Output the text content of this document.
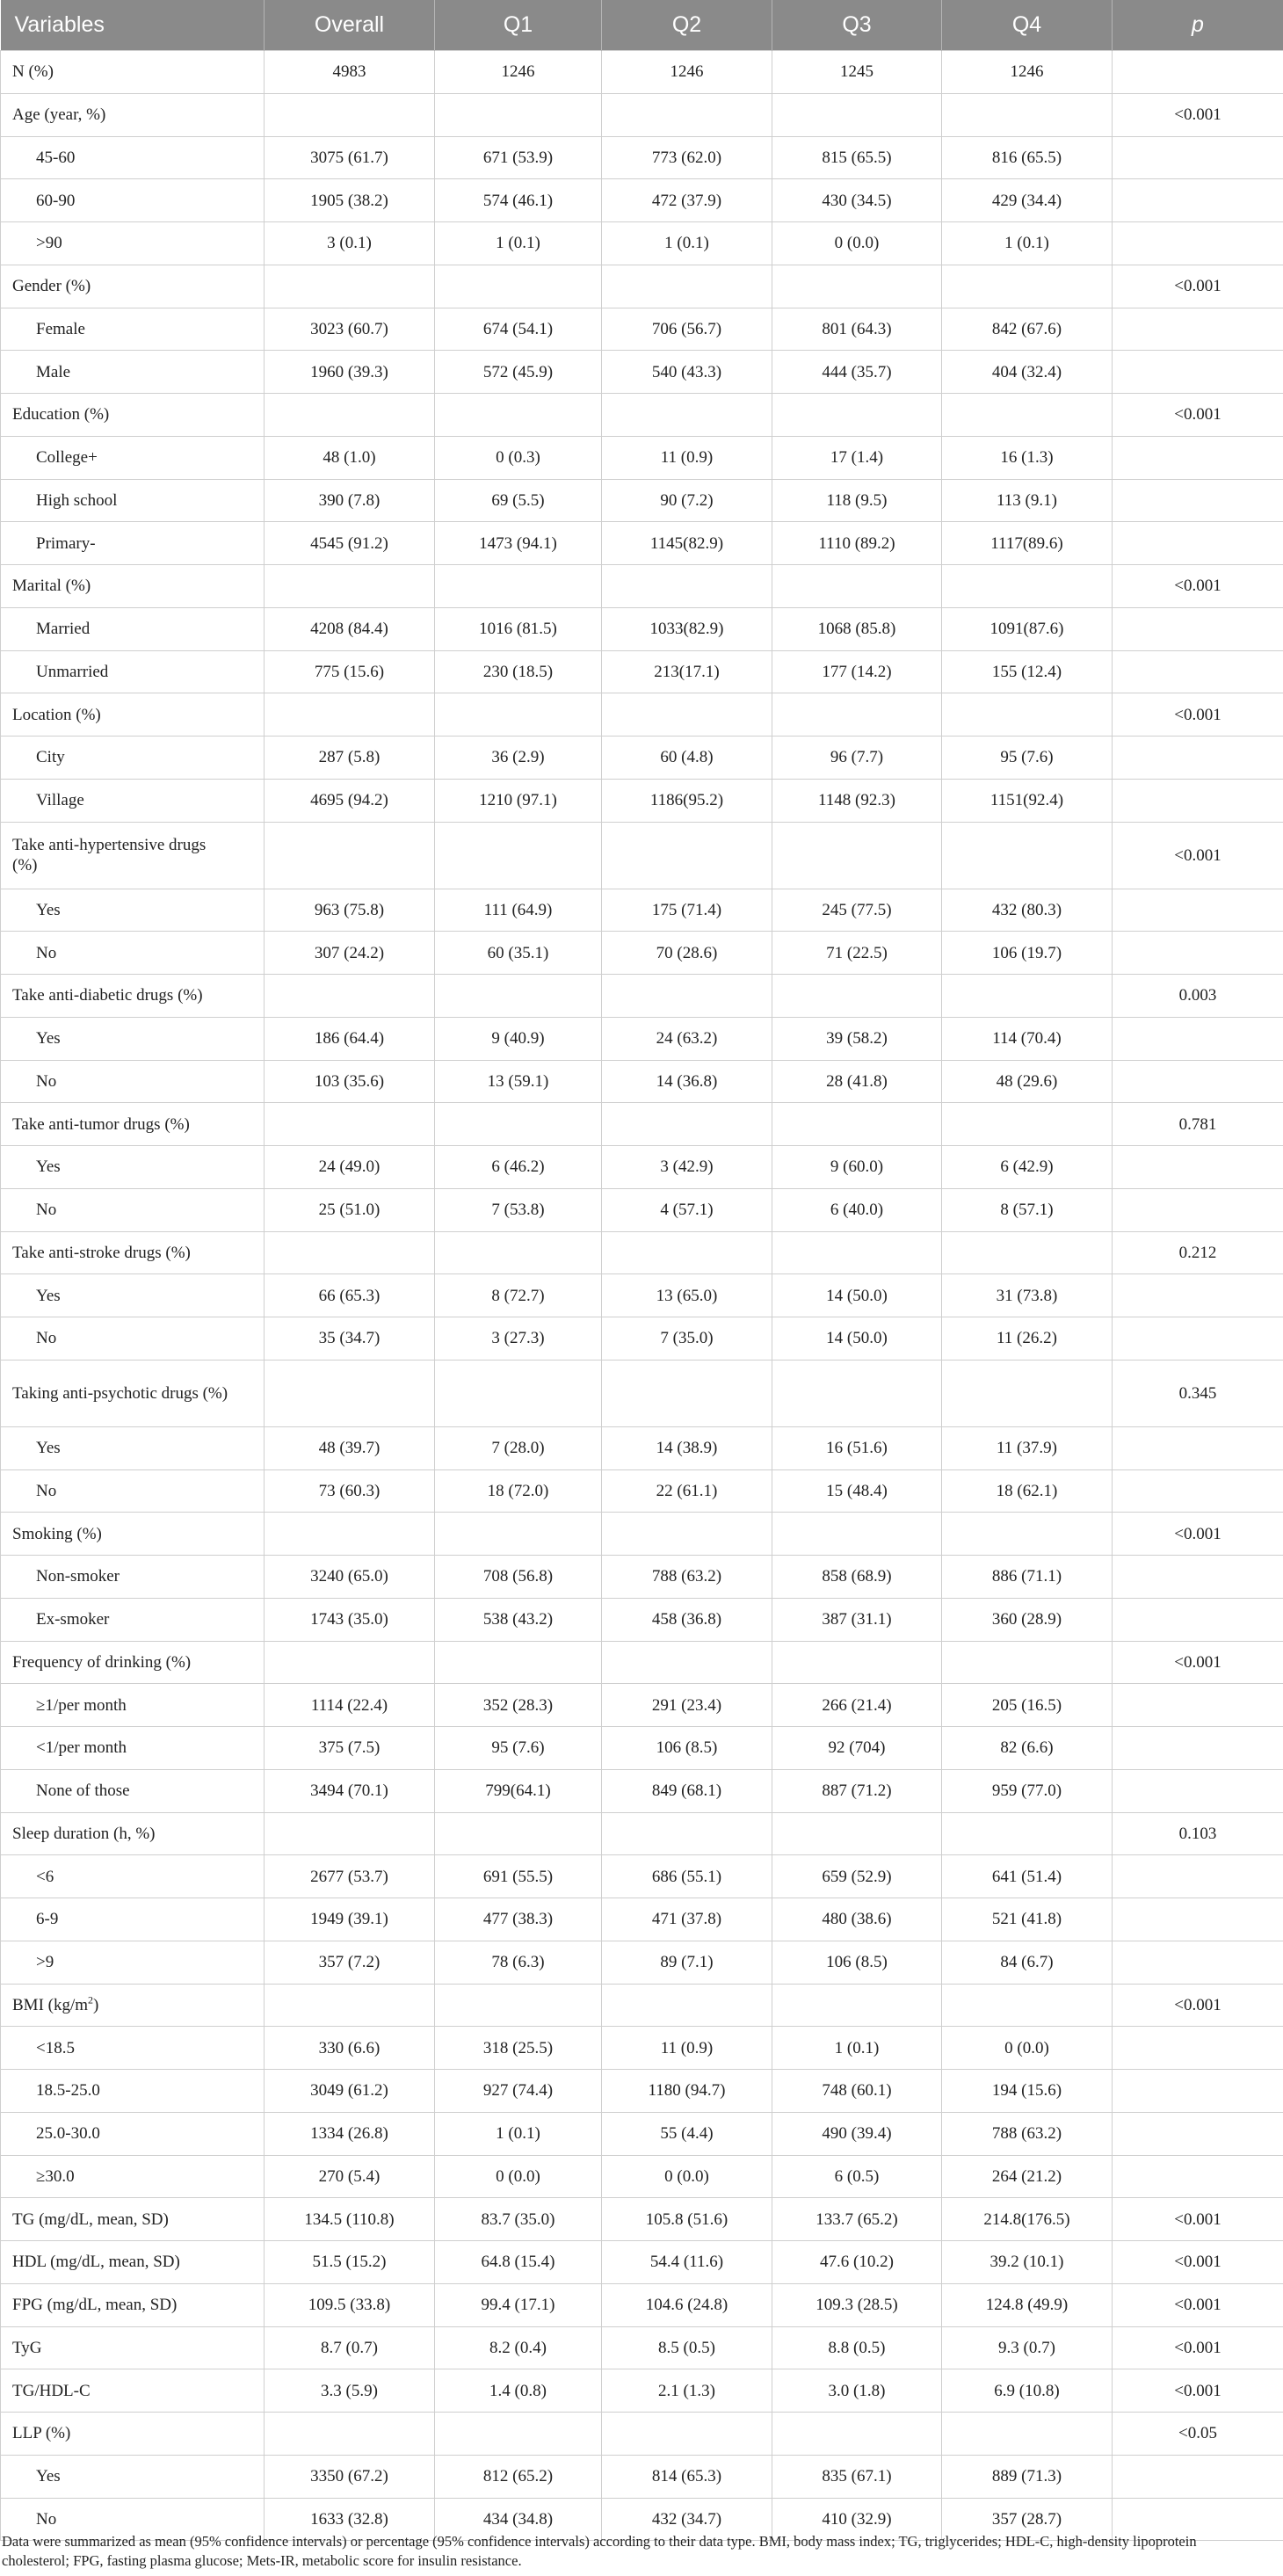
Variables	Overall	Q1	Q2	Q3	Q4	p
N (%)	4983	1246	1246	1245	1246	
Age (year, %)						<0.001
45-60	3075 (61.7)	671 (53.9)	773 (62.0)	815 (65.5)	816 (65.5)	
60-90	1905 (38.2)	574 (46.1)	472 (37.9)	430 (34.5)	429 (34.4)	
>90	3 (0.1)	1 (0.1)	1 (0.1)	0 (0.0)	1 (0.1)	
Gender (%)						<0.001
Female	3023 (60.7)	674 (54.1)	706 (56.7)	801 (64.3)	842 (67.6)	
Male	1960 (39.3)	572 (45.9)	540 (43.3)	444 (35.7)	404 (32.4)	
Education (%)						<0.001
College+	48 (1.0)	0 (0.3)	11 (0.9)	17 (1.4)	16 (1.3)	
High school	390 (7.8)	69 (5.5)	90 (7.2)	118 (9.5)	113 (9.1)	
Primary-	4545 (91.2)	1473 (94.1)	1145(82.9)	1110 (89.2)	1117(89.6)	
Marital (%)						<0.001
Married	4208 (84.4)	1016 (81.5)	1033(82.9)	1068 (85.8)	1091(87.6)	
Unmarried	775 (15.6)	230 (18.5)	213(17.1)	177 (14.2)	155 (12.4)	
Location (%)						<0.001
City	287 (5.8)	36 (2.9)	60 (4.8)	96 (7.7)	95 (7.6)	
Village	4695 (94.2)	1210 (97.1)	1186(95.2)	1148 (92.3)	1151(92.4)	
Take anti-hypertensive drugs (%)						<0.001
Yes	963 (75.8)	111 (64.9)	175 (71.4)	245 (77.5)	432 (80.3)	
No	307 (24.2)	60 (35.1)	70 (28.6)	71 (22.5)	106 (19.7)	
Take anti-diabetic drugs (%)						0.003
Yes	186 (64.4)	9 (40.9)	24 (63.2)	39 (58.2)	114 (70.4)	
No	103 (35.6)	13 (59.1)	14 (36.8)	28 (41.8)	48 (29.6)	
Take anti-tumor drugs (%)						0.781
Yes	24 (49.0)	6 (46.2)	3 (42.9)	9 (60.0)	6 (42.9)	
No	25 (51.0)	7 (53.8)	4 (57.1)	6 (40.0)	8 (57.1)	
Take anti-stroke drugs (%)						0.212
Yes	66 (65.3)	8 (72.7)	13 (65.0)	14 (50.0)	31 (73.8)	
No	35 (34.7)	3 (27.3)	7 (35.0)	14 (50.0)	11 (26.2)	
Taking anti-psychotic drugs (%)						0.345
Yes	48 (39.7)	7 (28.0)	14 (38.9)	16 (51.6)	11 (37.9)	
No	73 (60.3)	18 (72.0)	22 (61.1)	15 (48.4)	18 (62.1)	
Smoking (%)						<0.001
Non-smoker	3240 (65.0)	708 (56.8)	788 (63.2)	858 (68.9)	886 (71.1)	
Ex-smoker	1743 (35.0)	538 (43.2)	458 (36.8)	387 (31.1)	360 (28.9)	
Frequency of drinking (%)						<0.001
≥1/per month	1114 (22.4)	352 (28.3)	291 (23.4)	266 (21.4)	205 (16.5)	
<1/per month	375 (7.5)	95 (7.6)	106 (8.5)	92 (704)	82 (6.6)	
None of those	3494 (70.1)	799(64.1)	849 (68.1)	887 (71.2)	959 (77.0)	
Sleep duration (h, %)						0.103
<6	2677 (53.7)	691 (55.5)	686 (55.1)	659 (52.9)	641 (51.4)	
6-9	1949 (39.1)	477 (38.3)	471 (37.8)	480 (38.6)	521 (41.8)	
>9	357 (7.2)	78 (6.3)	89 (7.1)	106 (8.5)	84 (6.7)	
BMI $(kg/m^2)$						<0.001
<18.5	330 (6.6)	318 (25.5)	11 (0.9)	1 (0.1)	0 (0.0)	
18.5-25.0	3049 (61.2)	927 (74.4)	1180 (94.7)	748 (60.1)	194 (15.6)	
25.0-30.0	1334 (26.8)	1 (0.1)	55 (4.4)	490 (39.4)	788 (63.2)	
≥30.0	270 (5.4)	0 (0.0)	0 (0.0)	6 (0.5)	264 (21.2)	
TG (mg/dL, mean, SD)	134.5 (110.8)	83.7 (35.0)	105.8 (51.6)	133.7 (65.2)	214.8(176.5)	<0.001
HDL (mg/dL, mean, SD)	51.5 (15.2)	64.8 (15.4)	54.4 (11.6)	47.6 (10.2)	39.2 (10.1)	<0.001
FPG (mg/dL, mean, SD)	109.5 (33.8)	99.4 (17.1)	104.6 (24.8)	109.3 (28.5)	124.8 (49.9)	<0.001
TyG	8.7 (0.7)	8.2 (0.4)	8.5 (0.5)	8.8 (0.5)	9.3 (0.7)	<0.001
TG/HDL-C	3.3 (5.9)	1.4 (0.8)	2.1 (1.3)	3.0 (1.8)	6.9 (10.8)	<0.001
LLP (%)						<0.05
Yes	3350 (67.2)	812 (65.2)	814 (65.3)	835 (67.1)	889 (71.3)	
No	1633 (32.8)	434 (34.8)	432 (34.7)	410 (32.9)	357 (28.7)	
Data were summarized as mean (95% confidence intervals) or percentage (95% confidence intervals) according to their data type. BMI, body mass index; TG, triglycerides; HDL-C, high-density lipoprotein cholesterol; FPG, fasting plasma glucose; Mets-IR, metabolic score for insulin resistance.
